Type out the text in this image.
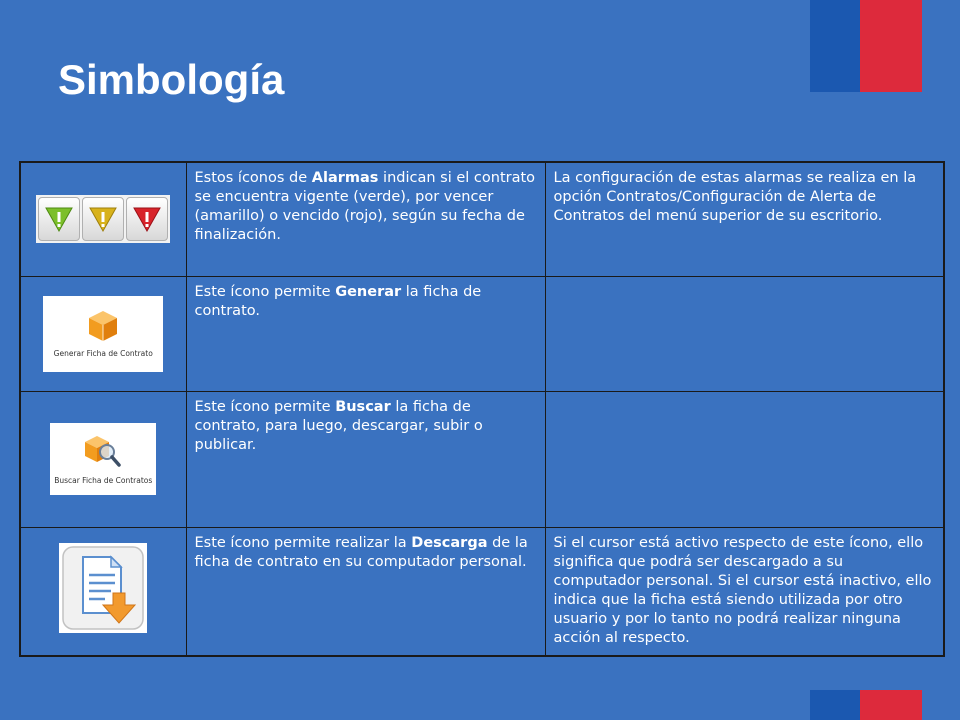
Simbología
	Estos íconos de Alarmas indican si el contrato se encuentra vigente (verde), por vencer (amarillo) o vencido (rojo), según su fecha de finalización.	La configuración de estas alarmas se realiza en la opción Contratos/Configuración de Alerta de Contratos del menú superior de su escritorio.

Generar Ficha de Contrato	Este ícono permite Generar la ficha de contrato.	

Buscar Ficha de Contratos	Este ícono permite Buscar la ficha de contrato, para luego, descargar, subir o publicar.	
	Este ícono permite realizar la Descarga de la ficha de contrato en su computador personal.	Si el cursor está activo respecto de este ícono, ello significa que podrá ser descargado a su computador personal. Si el cursor está inactivo, ello indica que la ficha está siendo utilizada por otro usuario y por lo tanto no podrá realizar ninguna acción al respecto.
